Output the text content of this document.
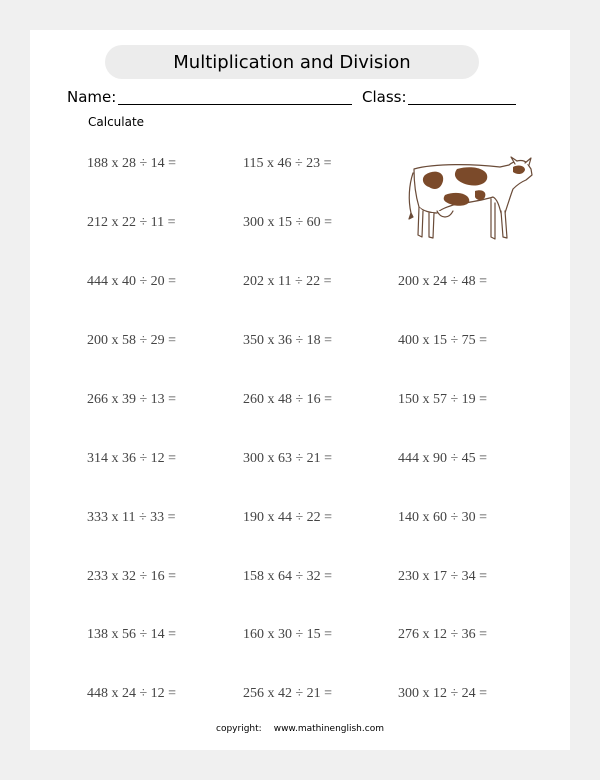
Multiplication and Division
Name:	Class:
Calculate
188 x 28 ÷ 14 =
212 x 22 ÷ 11 =
444 x 40 ÷ 20 =
200 x 58 ÷ 29 =
266 x 39 ÷ 13 =
314 x 36 ÷ 12 =
333 x 11 ÷ 33 =
233 x 32 ÷ 16 =
138 x 56 ÷ 14 =
448 x 24 ÷ 12 =
115 x 46 ÷ 23 =
300 x 15 ÷ 60 =
202 x 11 ÷ 22 =
350 x 36 ÷ 18 =
260 x 48 ÷ 16 =
300 x 63 ÷ 21 =
190 x 44 ÷ 22 =
158 x 64 ÷ 32 =
160 x 30 ÷ 15 =
256 x 42 ÷ 21 =
200 x 24 ÷ 48 =
400 x 15 ÷ 75 =
150 x 57 ÷ 19 =
444 x 90 ÷ 45 =
140 x 60 ÷ 30 =
230 x 17 ÷ 34 =
276 x 12 ÷ 36 =
300 x 12 ÷ 24 =
copyright: www.mathinenglish.com
